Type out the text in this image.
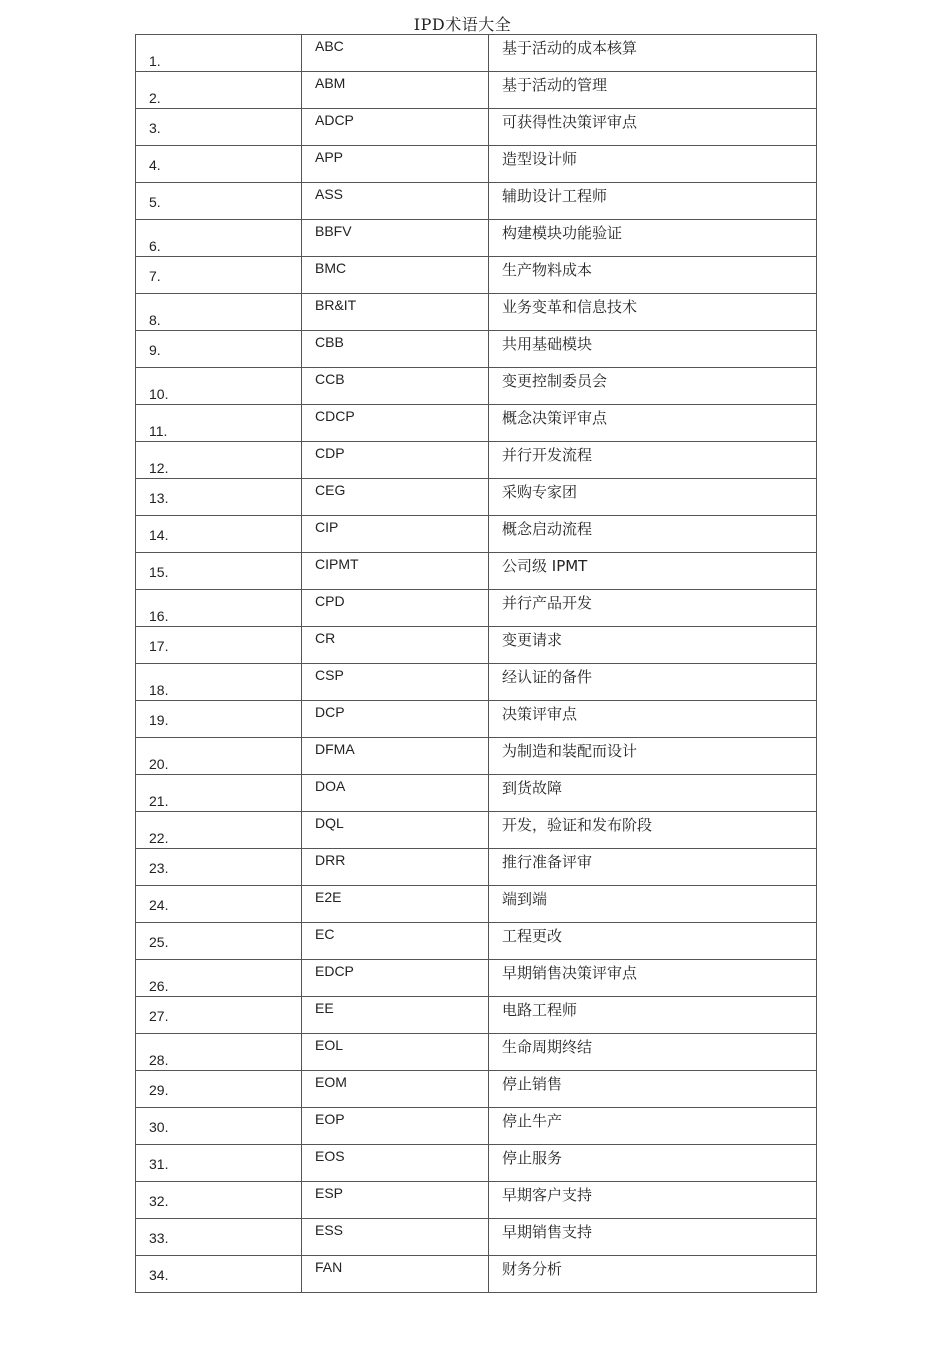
IPD术语大全
1.	ABC	基于活动的成本核算

2.	ABM	基于活动的管理

3.	ADCP	可获得性决策评审点

4.	APP	造型设计师

5.	ASS	辅助设计工程师

6.	BBFV	构建模块功能验证

7.	BMC	生产物料成本

8.	BR&IT	业务变革和信息技术

9.	CBB	共用基础模块

10.	CCB	变更控制委员会

11.	CDCP	概念决策评审点

12.	CDP	并行开发流程

13.	CEG	采购专家团

14.	CIP	概念启动流程

15.	CIPMT	公司级 IPMT

16.	CPD	并行产品开发

17.	CR	变更请求

18.	CSP	经认证的备件

19.	DCP	决策评审点

20.	DFMA	为制造和装配而设计

21.	DOA	到货故障

22.	DQL	开发，验证和发布阶段

23.	DRR	推行准备评审

24.	E2E	端到端

25.	EC	工程更改

26.	EDCP	早期销售决策评审点

27.	EE	电路工程师

28.	EOL	生命周期终结

29.	EOM	停止销售

30.	EOP	停止牛产

31.	EOS	停止服务

32.	ESP	早期客户支持

33.	ESS	早期销售支持

34.	FAN	财务分析
